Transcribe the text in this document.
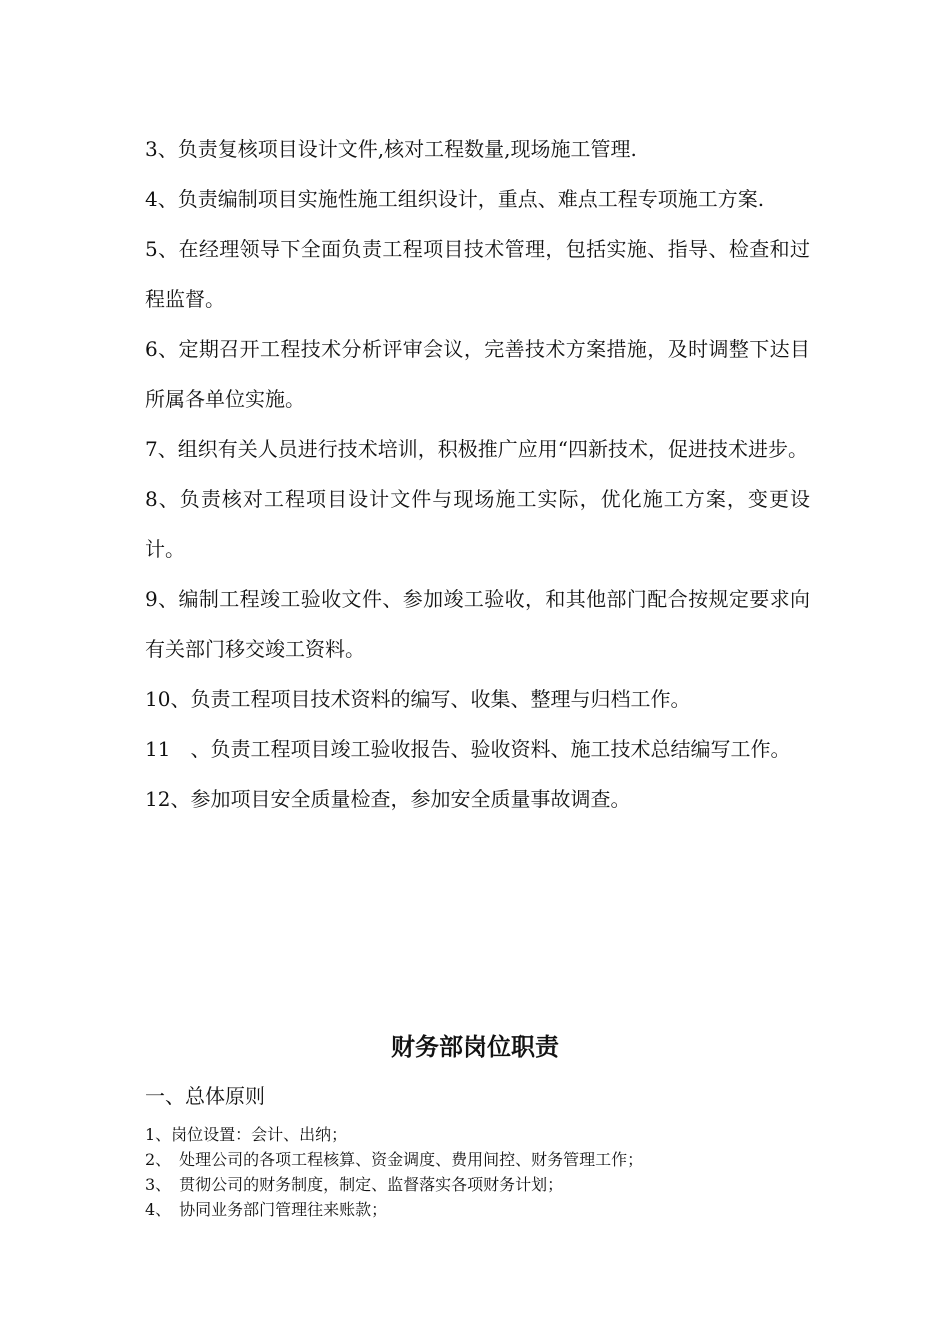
3、负责复核项目设计文件,核对工程数量,现场施工管理.

4、负责编制项目实施性施工组织设计，重点、难点工程专项施工方案.

5、在经理领导下全面负责工程项目技术管理，包括实施、指导、检查和过程监督。

6、定期召开工程技术分析评审会议，完善技术方案措施，及时调整下达目所属各单位实施。

7、组织有关人员进行技术培训，积极推广应用“四新技术，促进技术进步。

8、负责核对工程项目设计文件与现场施工实际，优化施工方案，变更设计。

9、编制工程竣工验收文件、参加竣工验收，和其他部门配合按规定要求向有关部门移交竣工资料。

10、负责工程项目技术资料的编写、收集、整理与归档工作。

11　、负责工程项目竣工验收报告、验收资料、施工技术总结编写工作。

12、参加项目安全质量检查，参加安全质量事故调查。

财务部岗位职责

一、总体原则

1、岗位设置：会计、出纳；

2、　处理公司的各项工程核算、资金调度、费用间控、财务管理工作；

3、　贯彻公司的财务制度，制定、监督落实各项财务计划；

4、　协同业务部门管理往来账款；
